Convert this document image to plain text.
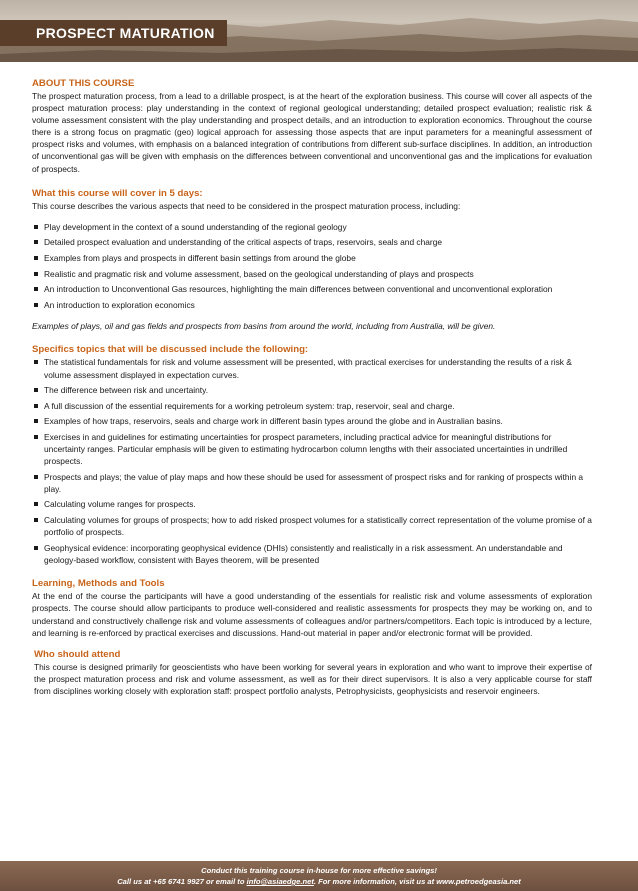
PROSPECT MATURATION
ABOUT THIS COURSE

The prospect maturation process, from a lead to a drillable prospect, is at the heart of the exploration business. This course will cover all aspects of the prospect maturation process: play understanding in the context of regional geological understanding; detailed prospect evaluation; realistic risk & volume assessment consistent with the play understanding and prospect details, and an introduction to exploration economics. Throughout the course there is a strong focus on pragmatic (geo) logical approach for assessing those aspects that are input parameters for a meaningful assessment of prospect risks and volumes, with emphasis on a balanced integration of contributions from different sub-surface disciplines. In addition, an introduction of unconventional gas will be given with emphasis on the differences between conventional and unconventional gas and the implications for evaluation of prospects.

What this course will cover in 5 days:

This course describes the various aspects that need to be considered in the prospect maturation process, including:

Play development in the context of a sound understanding of the regional geology
Detailed prospect evaluation and understanding of the critical aspects of traps, reservoirs, seals and charge
Examples from plays and prospects in different basin settings from around the globe
Realistic and pragmatic risk and volume assessment, based on the geological understanding of plays and prospects
An introduction to Unconventional Gas resources, highlighting the main differences between conventional and unconventional exploration
An introduction to exploration economics

Examples of plays, oil and gas fields and prospects from basins from around the world, including from Australia, will be given.

Specifics topics that will be discussed include the following:
The statistical fundamentals for risk and volume assessment will be presented, with practical exercises for understanding the results of a risk & volume assessment displayed in expectation curves.
The difference between risk and uncertainty.
A full discussion of the essential requirements for a working petroleum system: trap, reservoir, seal and charge.
Examples of how traps, reservoirs, seals and charge work in different basin types around the globe and in Australian basins.
Exercises in and guidelines for estimating uncertainties for prospect parameters, including practical advice for meaningful distributions for uncertainty ranges. Particular emphasis will be given to estimating hydrocarbon column lengths with their associated uncertainties in undrilled prospects.
Prospects and plays; the value of play maps and how these should be used for assessment of prospect risks and for ranking of prospects within a play.
Calculating volume ranges for prospects.
Calculating volumes for groups of prospects; how to add risked prospect volumes for a statistically correct representation of the volume promise of a portfolio of prospects.
Geophysical evidence: incorporating geophysical evidence (DHIs) consistently and realistically in a risk assessment. An understandable and geology-based workflow, consistent with Bayes theorem, will be presented
Learning, Methods and Tools

At the end of the course the participants will have a good understanding of the essentials for realistic risk and volume assessments of exploration prospects. The course should allow participants to produce well-considered and realistic assessments for prospects they may be working on, and to understand and constructively challenge risk and volume assessments of colleagues and/or partners/competitors. Each topic is introduced by a lecture, and learning is re-enforced by practical exercises and discussions. Hand-out material in paper and/or electronic format will be provided.

Who should attend

This course is designed primarily for geoscientists who have been working for several years in exploration and who want to improve their expertise of the prospect maturation process and risk and volume assessment, as well as for their direct supervisors. It is also a very applicable course for staff from disciplines working closely with exploration staff: prospect portfolio analysts, Petrophysicists, geophysicists and reservoir engineers.

Conduct this training course in-house for more effective savings!
Call us at +65 6741 9927 or email to info@asiaedge.net. For more information, visit us at www.petroedgeasia.net
